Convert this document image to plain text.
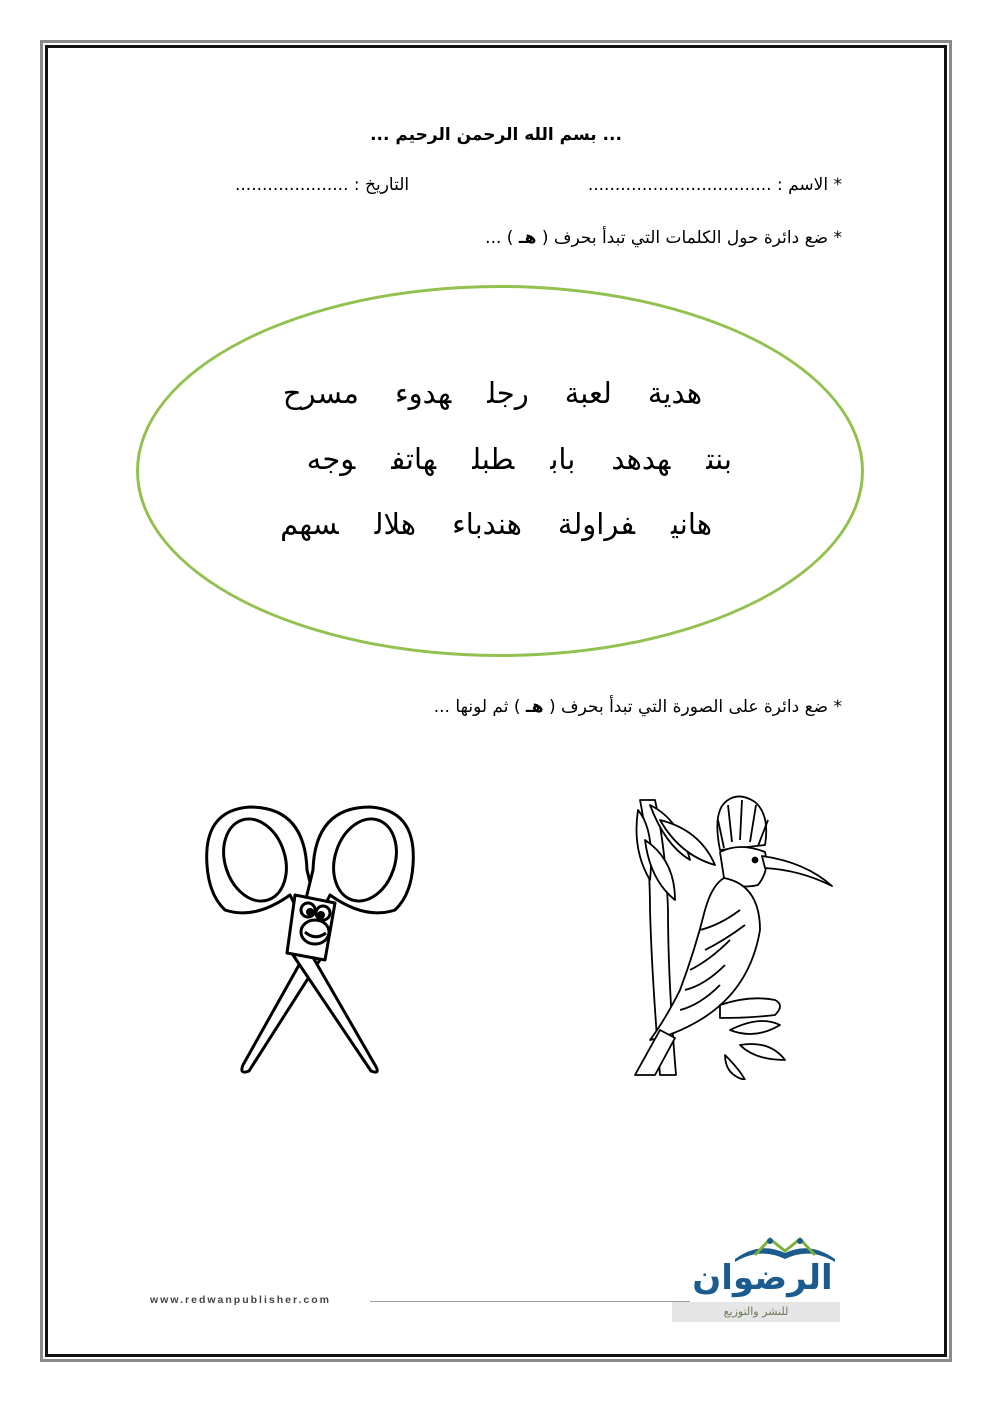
... بسم الله الرحمن الرحيم ...
* الاسم : ..................................
التاريخ : .....................
* ضع دائرة حول الكلمات التي تبدأ بحرف ( هـ ) ...
هديةلعبةرجلهدوءمسرح
بنتهدهدبابطبلهاتفوجه
هانيفراولةهندباءهلالسهم
* ضع دائرة على الصورة التي تبدأ بحرف ( هـ ) ثم لونها ...
www.redwanpublisher.com
الرضوان
للنشر والتوزيع
